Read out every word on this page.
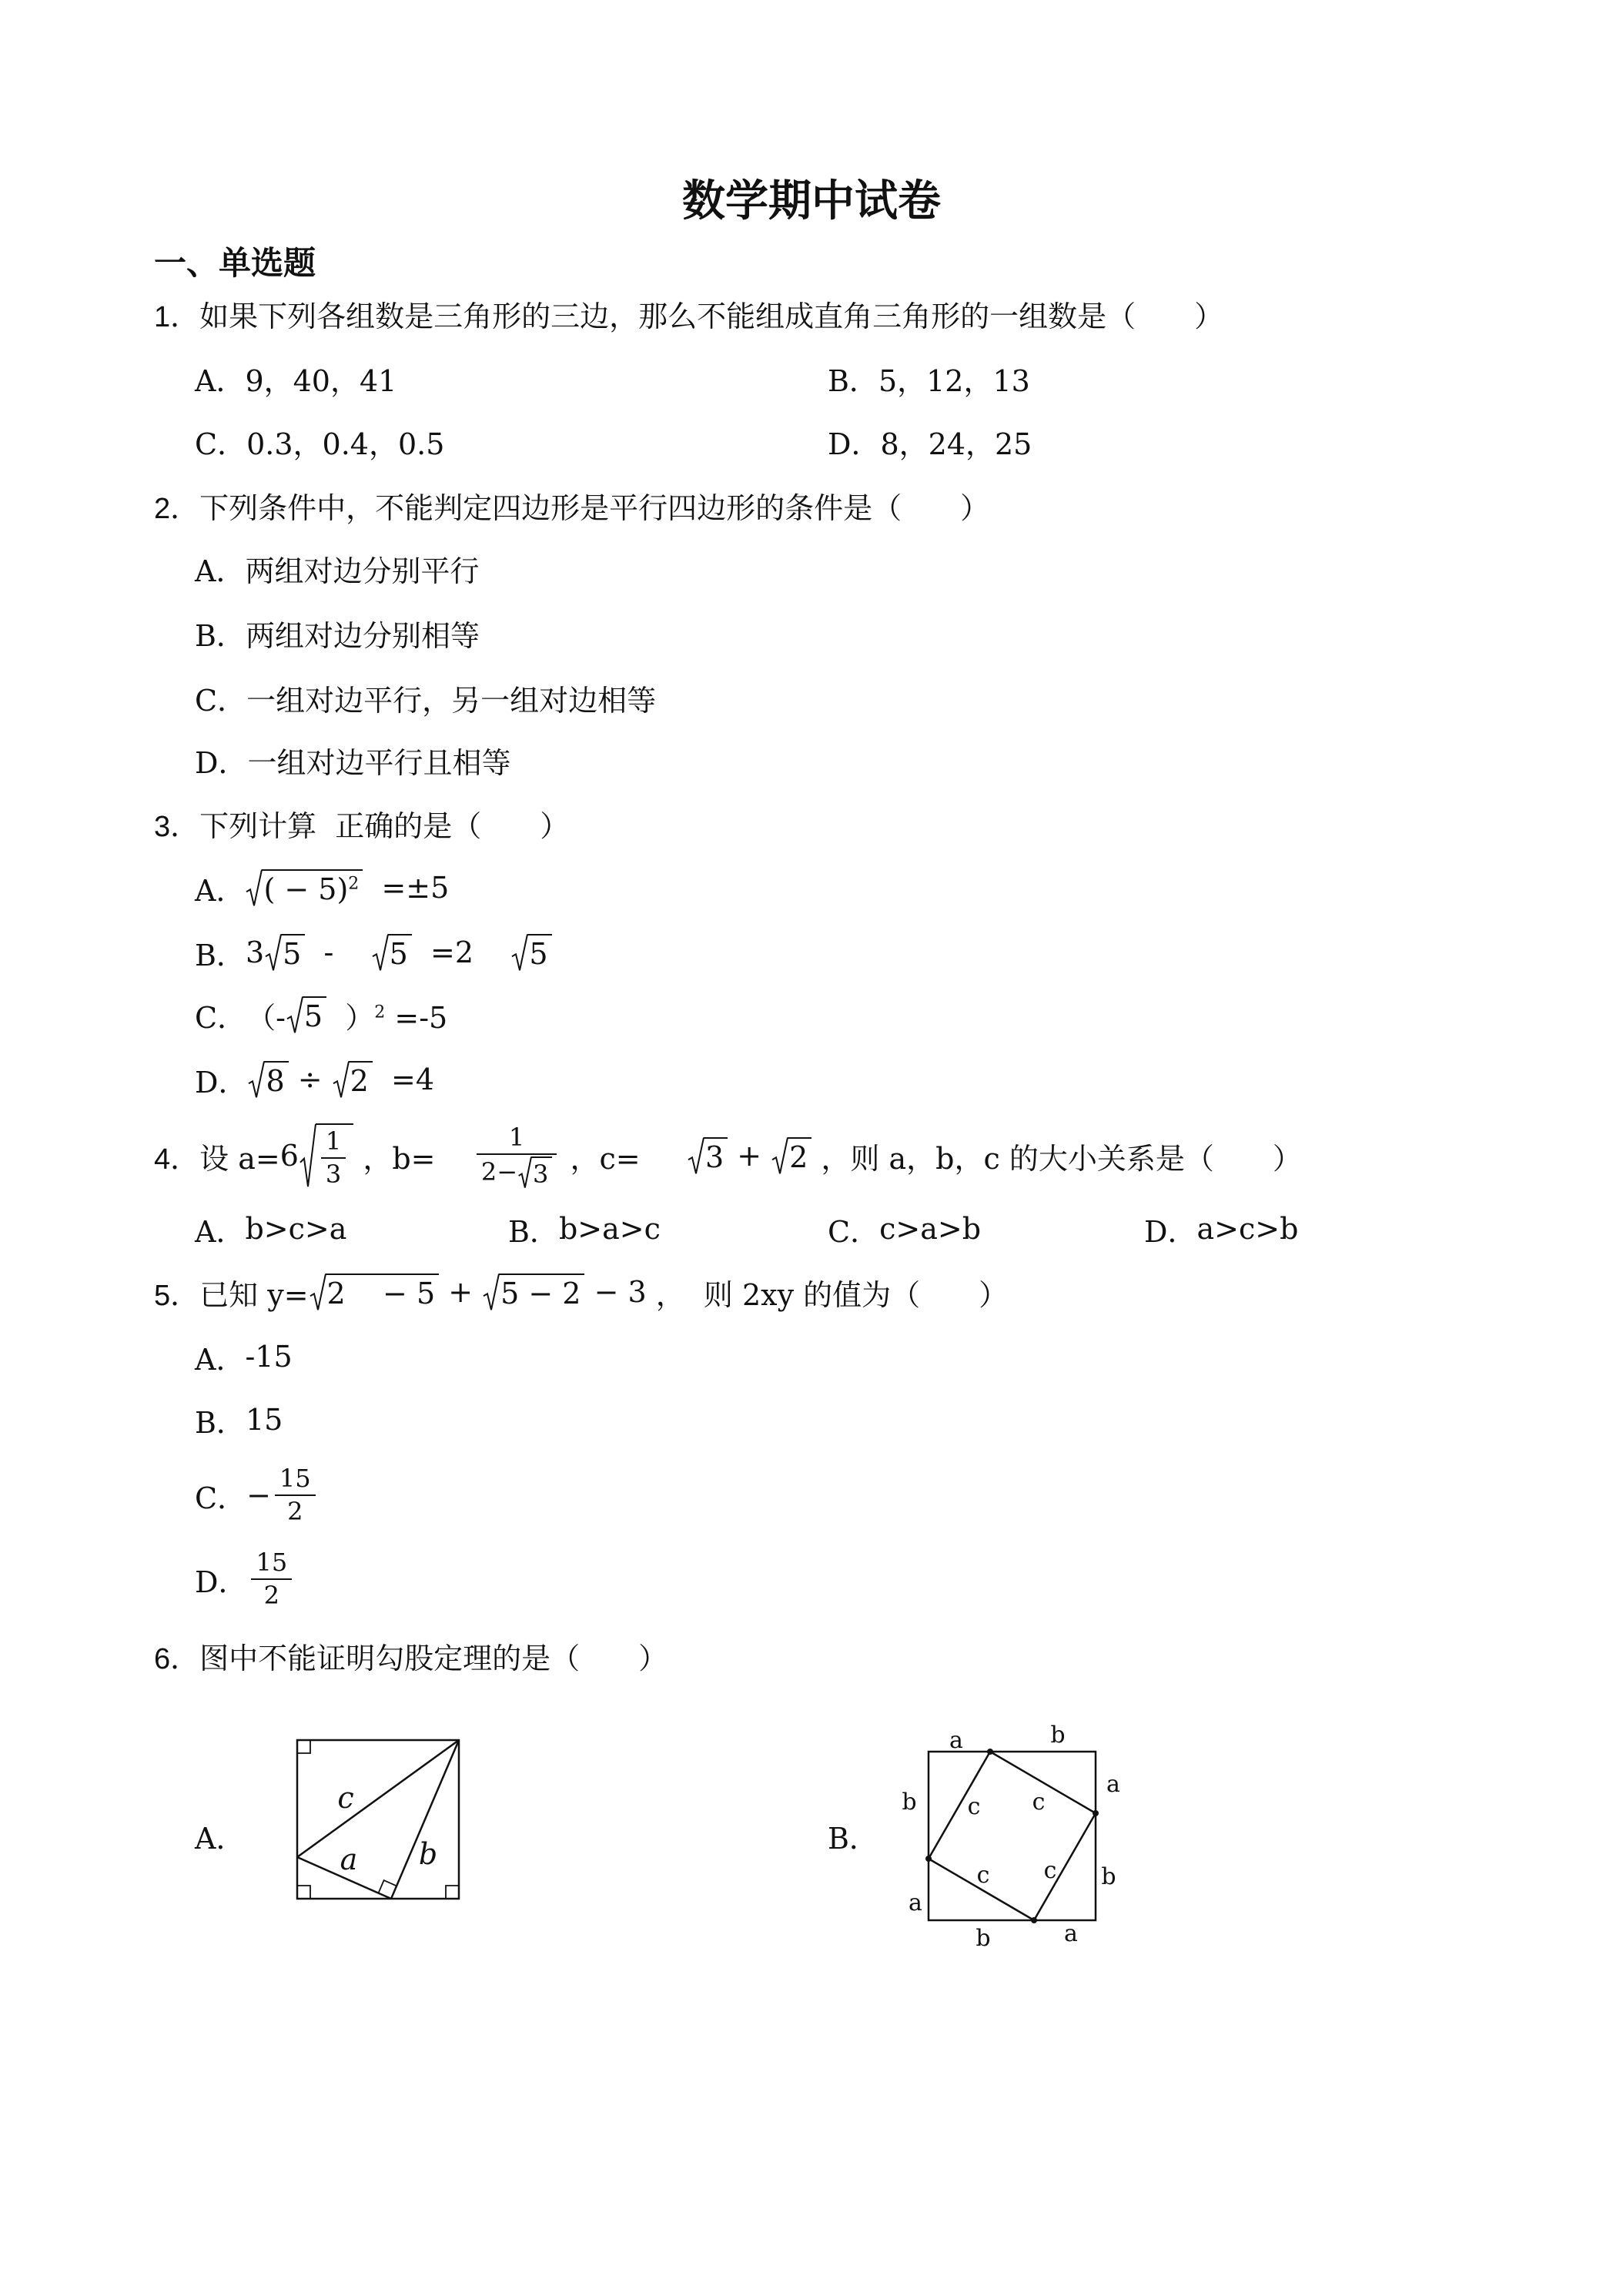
数学期中试卷
一、单选题
1． 如果下列各组数是三角形的三边，那么不能组成直角三角形的一组数是（　　）
A． 9，40，41	B． 5，12，13
C． 0.3，0.4，0.5	D． 8，24，25
2． 下列条件中，不能判定四边形是平行四边形的条件是（　　）
A． 两组对边分别平行
B． 两组对边分别相等
C． 一组对边平行，另一组对边相等
D． 一组对边平行且相等
3． 下列计算  正确的是（　　）
A． ( − 5)$^2$ =±5
B． 3 5 - 5 =2 5
C． （- 5 ）$^2$ =-5
D． 8 ÷ 2 =4
4． 设 $a= 6 \frac{1}{3}$ ，$b= \frac{1}{2- 3}$ ，c= 3 + 2 ，则 a，b，c 的大小关系是（　　）
A． b>c>a	B． b>a>c	C． c>a>b	D． a>c>b
5． 已知 y= 2    − 5 + 5 − 2 − 3 ，  则 2xy 的值为（　　）
A． -15
B． 15
C． − $\frac{15}{2}$
D． $\frac{15}{2}$
6． 图中不能证明勾股定理的是（　　）
A．
c
a b	B．
a	b
b
a
a
b
b	a
c c
c c
